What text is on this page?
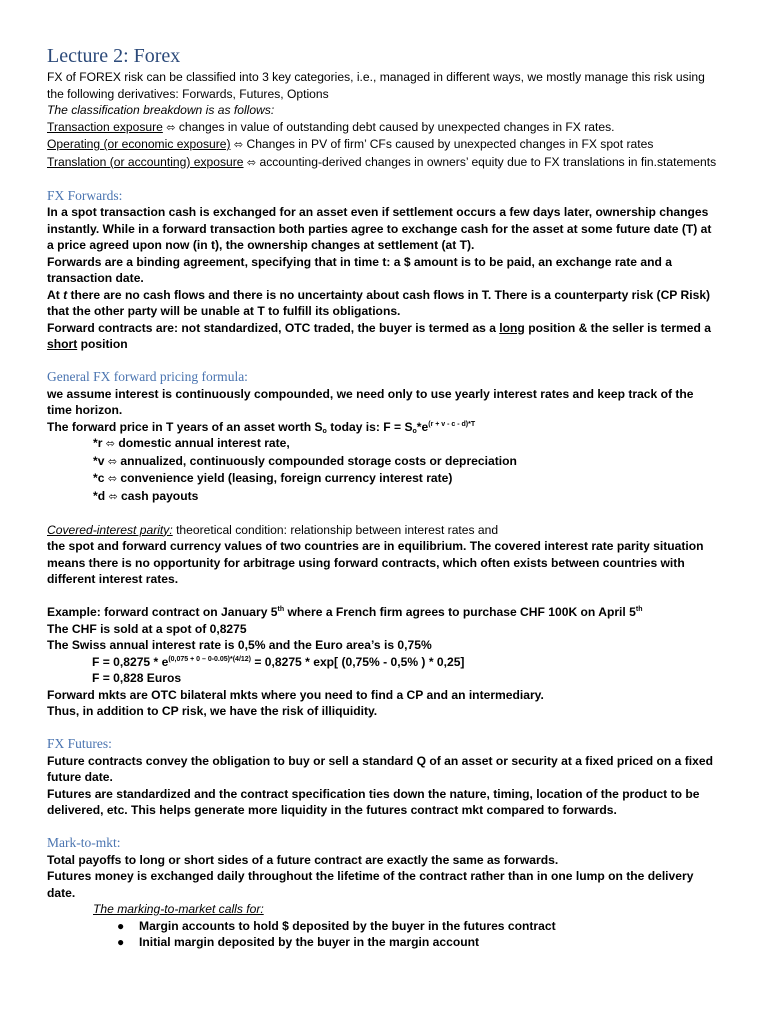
Lecture 2: Forex

FX of FOREX risk can be classified into 3 key categories, i.e., managed in different ways, we mostly manage this risk using the following derivatives: Forwards, Futures, Options

The classification breakdown is as follows:

Transaction exposure ⬄ changes in value of outstanding debt caused by unexpected changes in FX rates.

Operating (or economic exposure) ⬄ Changes in PV of firm’ CFs caused by unexpected changes in FX spot rates

Translation (or accounting) exposure ⬄ accounting-derived changes in owners’ equity due to FX translations in fin.statements

FX Forwards:

In a spot transaction cash is exchanged for an asset even if settlement occurs a few days later, ownership changes instantly. While in a forward transaction both parties agree to exchange cash for the asset at some future date (T) at a price agreed upon now (in t), the ownership changes at settlement (at T).

Forwards are a binding agreement, specifying that in time t: a $ amount is to be paid, an exchange rate and a transaction date.

At t there are no cash flows and there is no uncertainty about cash flows in T. There is a counterparty risk (CP Risk) that the other party will be unable at T to fulfill its obligations.

Forward contracts are: not standardized, OTC traded, the buyer is termed as a long position & the seller is termed a short position

General FX forward pricing formula:

we assume interest is continuously compounded, we need only to use yearly interest rates and keep track of the time horizon.

The forward price in T years of an asset worth $S_o$ today is: $F = S_o*e^{(r + v - c - d)*T}$

*r ⬄ domestic annual interest rate,

*v ⬄ annualized, continuously compounded storage costs or depreciation

*c ⬄ convenience yield (leasing, foreign currency interest rate)

*d ⬄ cash payouts

Covered-interest parity: theoretical condition: relationship between interest rates and

the spot and forward currency values of two countries are in equilibrium. The covered interest rate parity situation means there is no opportunity for arbitrage using forward contracts, which often exists between countries with different interest rates.

Example: forward contract on January 5th where a French firm agrees to purchase CHF 100K on April 5th

The CHF is sold at a spot of 0,8275

The Swiss annual interest rate is 0,5% and the Euro area’s is 0,75%

$F = 0,8275 * e^{(0,075 + 0 - 0-0.05)*(4/12)} = 0,8275 * \exp$[ (0,75% - 0,5% ) * 0,25]

F = 0,828 Euros

Forward mkts are OTC bilateral mkts where you need to find a CP and an intermediary.

Thus, in addition to CP risk, we have the risk of illiquidity.

FX Futures:

Future contracts convey the obligation to buy or sell a standard Q of an asset or security at a fixed priced on a fixed future date.

Futures are standardized and the contract specification ties down the nature, timing, location of the product to be delivered, etc. This helps generate more liquidity in the futures contract mkt compared to forwards.

Mark-to-mkt:

Total payoffs to long or short sides of a future contract are exactly the same as forwards.

Futures money is exchanged daily throughout the lifetime of the contract rather than in one lump on the delivery date.

The marking-to-market calls for:

● Margin accounts to hold $ deposited by the buyer in the futures contract
● Initial margin deposited by the buyer in the margin account
